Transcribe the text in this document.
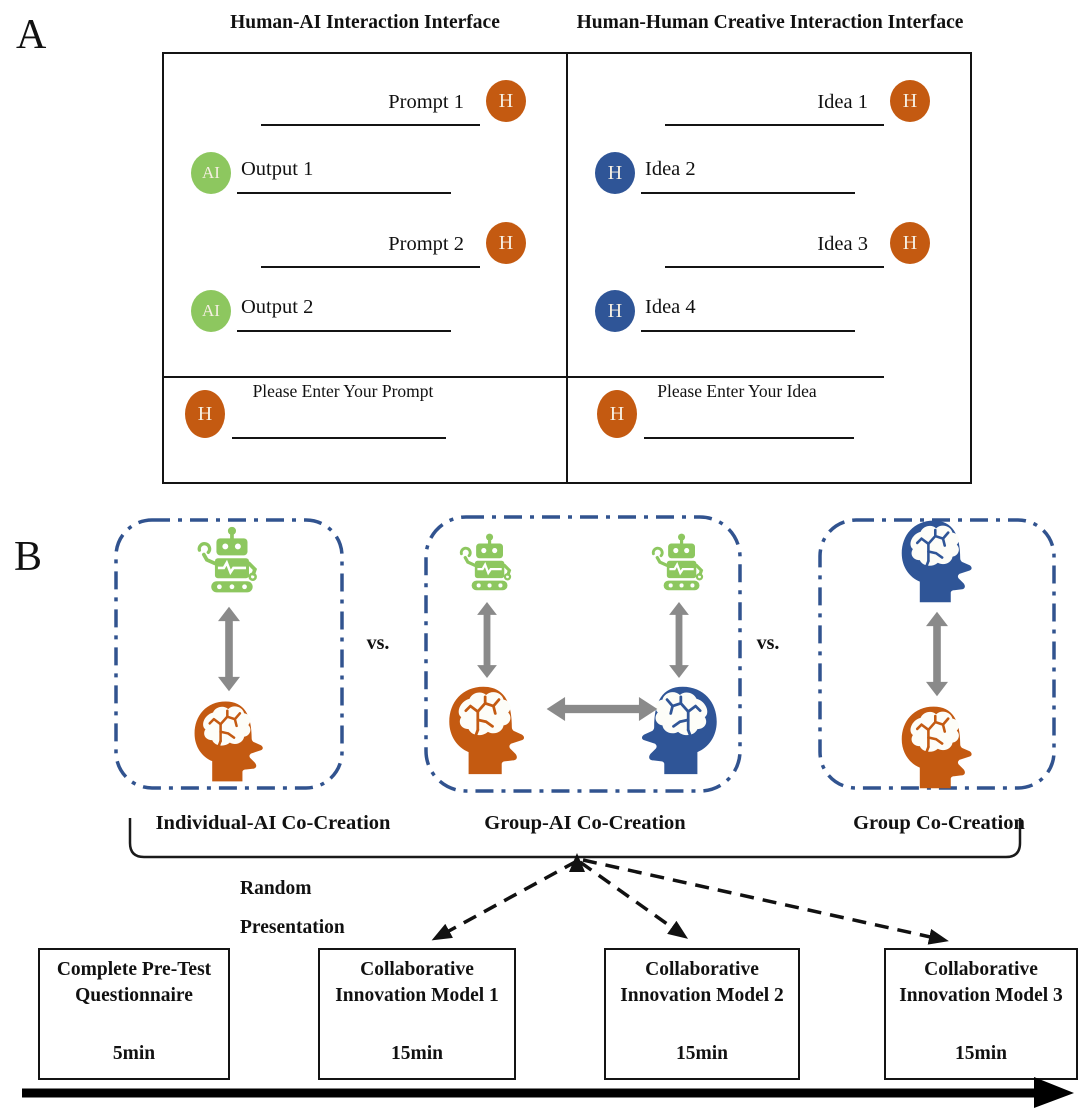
A	Human-AI Interaction Interface	Human-Human Creative Interaction Interface
Prompt 1 H
AI Output 1
Prompt 2 H
AI Output 2
Idea 1 H
H Idea 2
Idea 3 H
H Idea 4
H
Please Enter Your Prompt
H
Please Enter Your Idea
B
vs.	vs.
Individual-AI Co-Creation	Group-AI Co-Creation	Group Co-Creation
Random
Presentation
Complete Pre-Test
Questionnaire
5min
Collaborative
Innovation Model 1
15min
Collaborative
Innovation Model 2
15min
Collaborative
Innovation Model 3
15min
